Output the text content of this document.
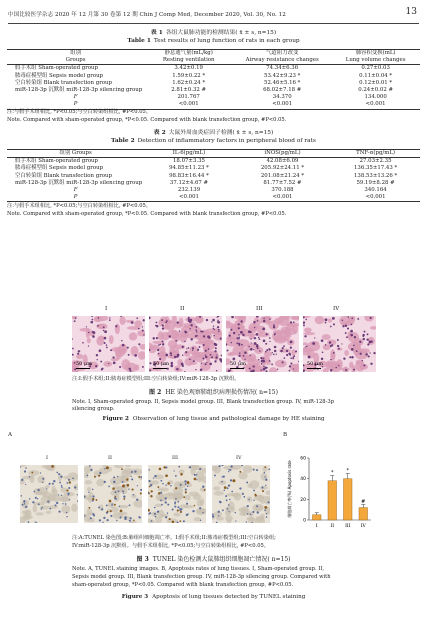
中国比较医学杂志 2020 年 12 月第 30 卷第 12 期 Chin J Comp Med, December 2020, Vol. 30, No. 12	13
表 1 各组大鼠肺功能的检测结果( x̄ ± s, n=15)
Table 1 Test results of lung function of rats in each group
组别	静息通气量(mL/kg)	气道阻力改变	肺容积变换(mL)
Groups	Resting ventilation	Airway resistance changes	Lung volume changes
假手术组 Sham-operated group	3.42±0.19	74.34±6.36	0.27±0.03
脓毒症模型组 Sepsis model group	1.59±0.22 *	53.42±9.23 *	0.11±0.04 *
空白转染组 Blank transfection group	1.62±0.24 *	52.46±5.16 *	0.12±0.01 *
miR-128-3p 沉默组 miR-128-3p silencing group	2.81±0.32 #	68.02±7.18 #	0.24±0.02 #
F	201.767	34.370	134.000
P	<0.001	<0.001	<0.001
注:与假手术组相比, *P<0.05;与空白转染组相比, #P<0.05。
Note. Compared with sham-operated group, *P<0.05. Compared with blank transfection group, #P<0.05.
表 2 大鼠外周血炎症因子检测( x̄ ± s, n=15)
Table 2 Detection of inflammatory factors in peripheral blood of rats
组别 Groups	IL-6(pg/mL)	iNOS(pg/mL)	TNF-α(pg/mL)
假手术组 Sham-operated group	18.07±3.35	42.08±6.09	27.03±2.35
脓毒症模型组 Sepsis model group	94.85±11.23 *	205.92±24.11 *	136.35±17.43 *
空白转染组 Blank transfection group	98.83±16.44 *	201.08±21.24 *	138.53±13.26 *
miR-128-3p 沉默组 miR-128-3p silencing group	37.12±4.67 #	81.77±7.52 #	59.19±8.28 #
F	232.139	370.188	340.164
P	<0.001	<0.001	<0.001
注:与假手术组相比, *P<0.05;与空白转染组相比, #P<0.05。
Note. Compared with sham-operated group, *P<0.05. Compared with blank transfection group, #P<0.05.
50 μm	50 μm	50 μm	50 μm
I	II	III	IV
注:I:假手术组;II:脓毒症模型组;III:空白转染组;IV:miR-128-3p 沉默组。
图 2 HE 染色观察肺组织病理损伤情况( n=15)
Note. I, Sham-operated group. II, Sepsis model group. III, Blank transfection group. IV, miR-128-3p
silencing group.
Figure 2 Observation of lung tissue and pathological damage by HE staining
A	B
I	II	III	IV
0
20
40
60
细胞凋亡率(%) Apoptosis rate
I
*
II
*
III
#
IV
注:A:TUNEL 染色图;B:肺组织细胞凋亡率。I:假手术组;II:脓毒症模型组;III:空白转染组;
IV:miR-128-3p 沉默组。与假手术组相比, *P<0.05;与空白转染组相比, #P<0.05。
图 3 TUNEL 染色检测大鼠肺组织细胞凋亡情况( n=15)
Note. A, TUNEL staining images. B, Apoptosis rates of lung tissues. I, Sham-operated group. II,
Sepsis model group. III, Blank transfection group. IV, miR-128-3p silencing group. Compared with
sham-operated group, *P<0.05. Compared with blank transfection group, #P<0.05.
Figure 3 Apoptosis of lung tissues detected by TUNEL staining
